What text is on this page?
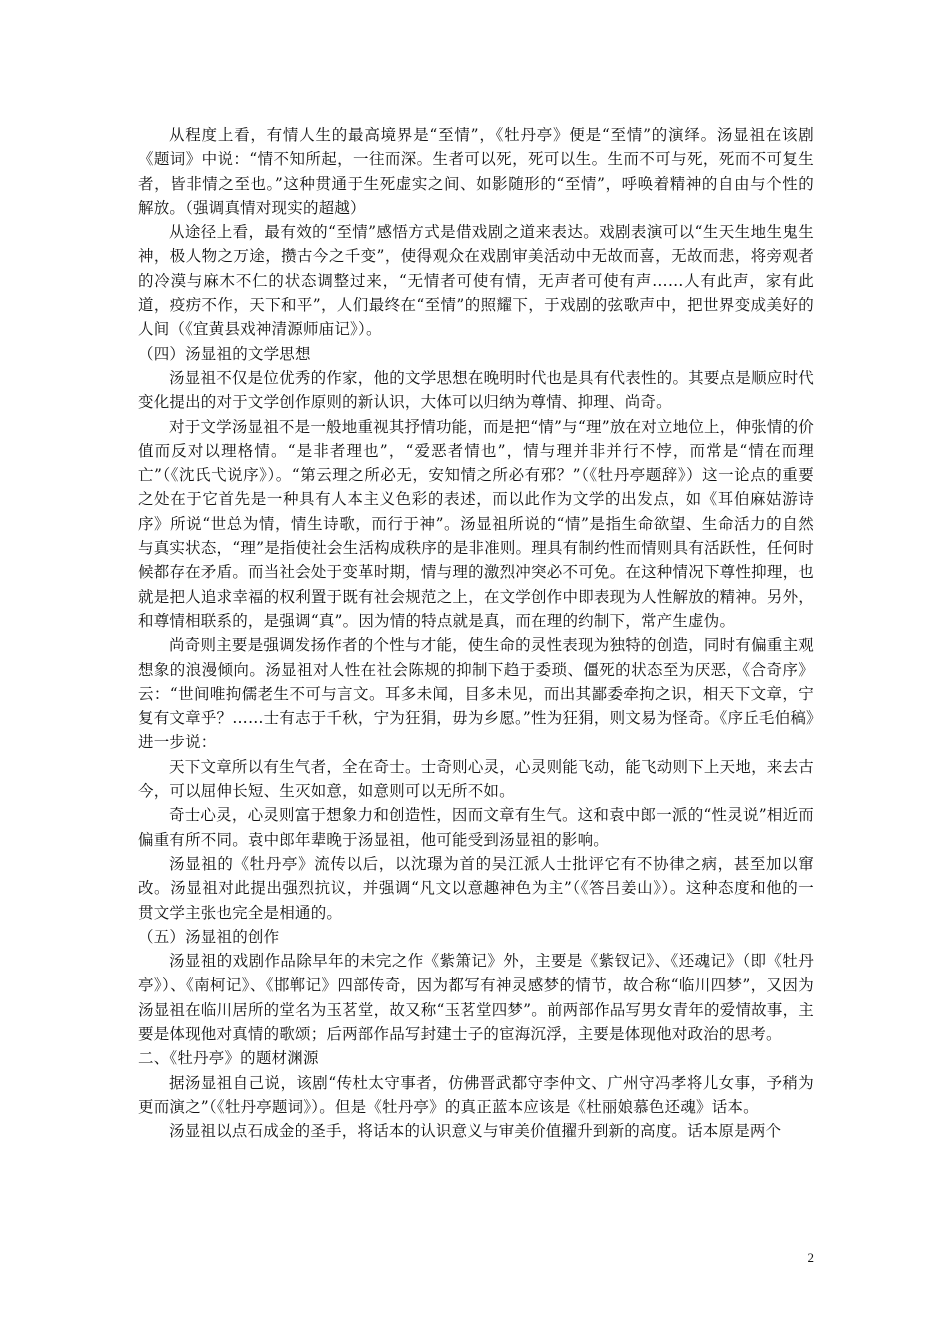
从程度上看，有情人生的最高境界是“至情”，《牡丹亭》便是“至情”的演绎。汤显祖在该剧《题词》中说：“情不知所起，一往而深。生者可以死，死可以生。生而不可与死，死而不可复生者，皆非情之至也。”这种贯通于生死虚实之间、如影随形的“至情”，呼唤着精神的自由与个性的解放。（强调真情对现实的超越）

从途径上看，最有效的“至情”感悟方式是借戏剧之道来表达。戏剧表演可以“生天生地生鬼生神，极人物之万途，攒古今之千变”，使得观众在戏剧审美活动中无故而喜，无故而悲，将旁观者的冷漠与麻木不仁的状态调整过来，“无情者可使有情，无声者可使有声……人有此声，家有此道，疫疠不作，天下和平”，人们最终在“至情”的照耀下，于戏剧的弦歌声中，把世界变成美好的人间（《宜黄县戏神清源师庙记》）。

（四）汤显祖的文学思想

汤显祖不仅是位优秀的作家，他的文学思想在晚明时代也是具有代表性的。其要点是顺应时代变化提出的对于文学创作原则的新认识，大体可以归纳为尊情、抑理、尚奇。

对于文学汤显祖不是一般地重视其抒情功能，而是把“情”与“理”放在对立地位上，伸张情的价值而反对以理格情。“是非者理也”，“爱恶者情也”，情与理并非并行不悖，而常是“情在而理亡”（《沈氏弋说序》）。“第云理之所必无，安知情之所必有邪？”（《牡丹亭题辞》）这一论点的重要之处在于它首先是一种具有人本主义色彩的表述，而以此作为文学的出发点，如《耳伯麻姑游诗序》所说“世总为情，情生诗歌，而行于神”。汤显祖所说的“情”是指生命欲望、生命活力的自然与真实状态，“理”是指使社会生活构成秩序的是非准则。理具有制约性而情则具有活跃性，任何时候都存在矛盾。而当社会处于变革时期，情与理的激烈冲突必不可免。在这种情况下尊性抑理，也就是把人追求幸福的权利置于既有社会规范之上，在文学创作中即表现为人性解放的精神。另外，和尊情相联系的，是强调“真”。因为情的特点就是真，而在理的约制下，常产生虚伪。

尚奇则主要是强调发扬作者的个性与才能，使生命的灵性表现为独特的创造，同时有偏重主观想象的浪漫倾向。汤显祖对人性在社会陈规的抑制下趋于委琐、僵死的状态至为厌恶，《合奇序》云：“世间唯拘儒老生不可与言文。耳多未闻，目多未见，而出其鄙委牵拘之识，相天下文章，宁复有文章乎？……士有志于千秋，宁为狂狷，毋为乡愿。”性为狂狷，则文易为怪奇。《序丘毛伯稿》进一步说：

天下文章所以有生气者，全在奇士。士奇则心灵，心灵则能飞动，能飞动则下上天地，来去古今，可以屈伸长短、生灭如意，如意则可以无所不如。

奇士心灵，心灵则富于想象力和创造性，因而文章有生气。这和袁中郎一派的“性灵说”相近而偏重有所不同。袁中郎年辈晚于汤显祖，他可能受到汤显祖的影响。

汤显祖的《牡丹亭》流传以后，以沈璟为首的吴江派人士批评它有不协律之病，甚至加以窜改。汤显祖对此提出强烈抗议，并强调“凡文以意趣神色为主”（《答吕姜山》）。这种态度和他的一贯文学主张也完全是相通的。

（五）汤显祖的创作

汤显祖的戏剧作品除早年的未完之作《紫箫记》外，主要是《紫钗记》、《还魂记》（即《牡丹亭》）、《南柯记》、《邯郸记》四部传奇，因为都写有神灵感梦的情节，故合称“临川四梦”，又因为汤显祖在临川居所的堂名为玉茗堂，故又称“玉茗堂四梦”。前两部作品写男女青年的爱情故事，主要是体现他对真情的歌颂；后两部作品写封建士子的宦海沉浮，主要是体现他对政治的思考。

二、《牡丹亭》的题材渊源

据汤显祖自己说，该剧“传杜太守事者，仿佛晋武都守李仲文、广州守冯孝将儿女事，予稍为更而演之”（《牡丹亭题词》）。但是《牡丹亭》的真正蓝本应该是《杜丽娘慕色还魂》话本。

汤显祖以点石成金的圣手，将话本的认识意义与审美价值擢升到新的高度。话本原是两个

2
